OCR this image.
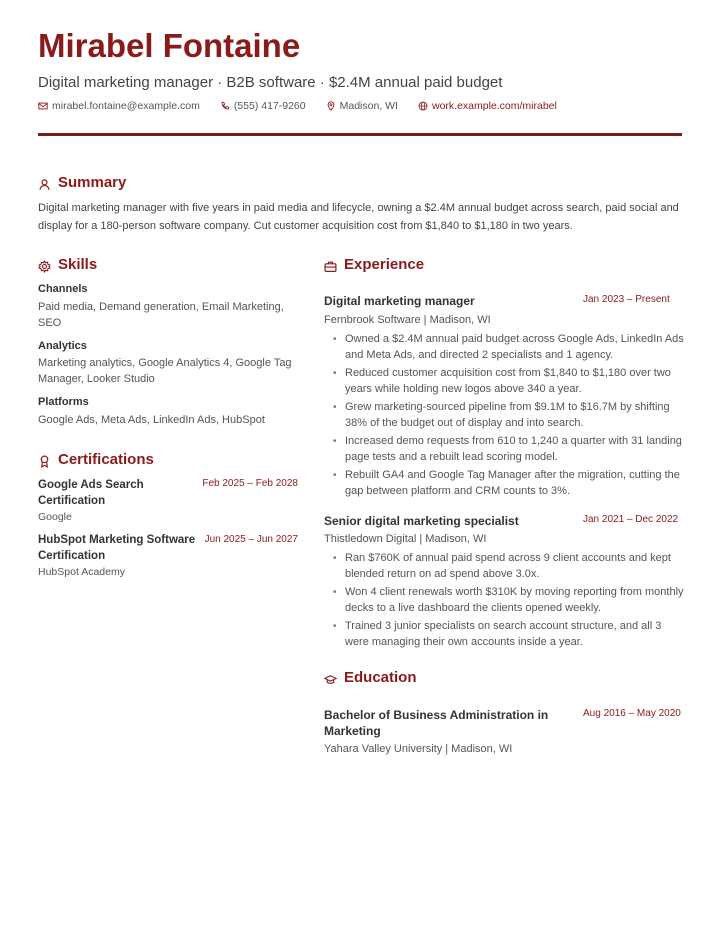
Mirabel Fontaine
Digital marketing manager · B2B software · $2.4M annual paid budget
mirabel.fontaine@example.com	(555) 417-9260	Madison, WI	work.example.com/mirabel
Summary
Digital marketing manager with five years in paid media and lifecycle, owning a $2.4M annual budget across search, paid social and display for a 180-person software company. Cut customer acquisition cost from $1,840 to $1,180 in two years.
Skills
Channels
Paid media, Demand generation, Email Marketing, SEO
Analytics
Marketing analytics, Google Analytics 4, Google Tag Manager, Looker Studio
Platforms
Google Ads, Meta Ads, LinkedIn Ads, HubSpot
Certifications
Google Ads Search Certification
Feb 2025 – Feb 2028
Google
HubSpot Marketing Software Certification
Jun 2025 – Jun 2027
HubSpot Academy
Experience
Digital marketing manager	Jan 2023 – Present
Fernbrook Software | Madison, WI
• Owned a $2.4M annual paid budget across Google Ads, LinkedIn Ads and Meta Ads, and directed 2 specialists and 1 agency.
• Reduced customer acquisition cost from $1,840 to $1,180 over two years while holding new logos above 340 a year.
• Grew marketing-sourced pipeline from $9.1M to $16.7M by shifting 38% of the budget out of display and into search.
• Increased demo requests from 610 to 1,240 a quarter with 31 landing page tests and a rebuilt lead scoring model.
• Rebuilt GA4 and Google Tag Manager after the migration, cutting the gap between platform and CRM counts to 3%.
Senior digital marketing specialist	Jan 2021 – Dec 2022
Thistledown Digital | Madison, WI
• Ran $760K of annual paid spend across 9 client accounts and kept blended return on ad spend above 3.0x.
• Won 4 client renewals worth $310K by moving reporting from monthly decks to a live dashboard the clients opened weekly.
• Trained 3 junior specialists on search account structure, and all 3 were managing their own accounts inside a year.
Education
Bachelor of Business Administration in Marketing
Aug 2016 – May 2020
Yahara Valley University | Madison, WI
